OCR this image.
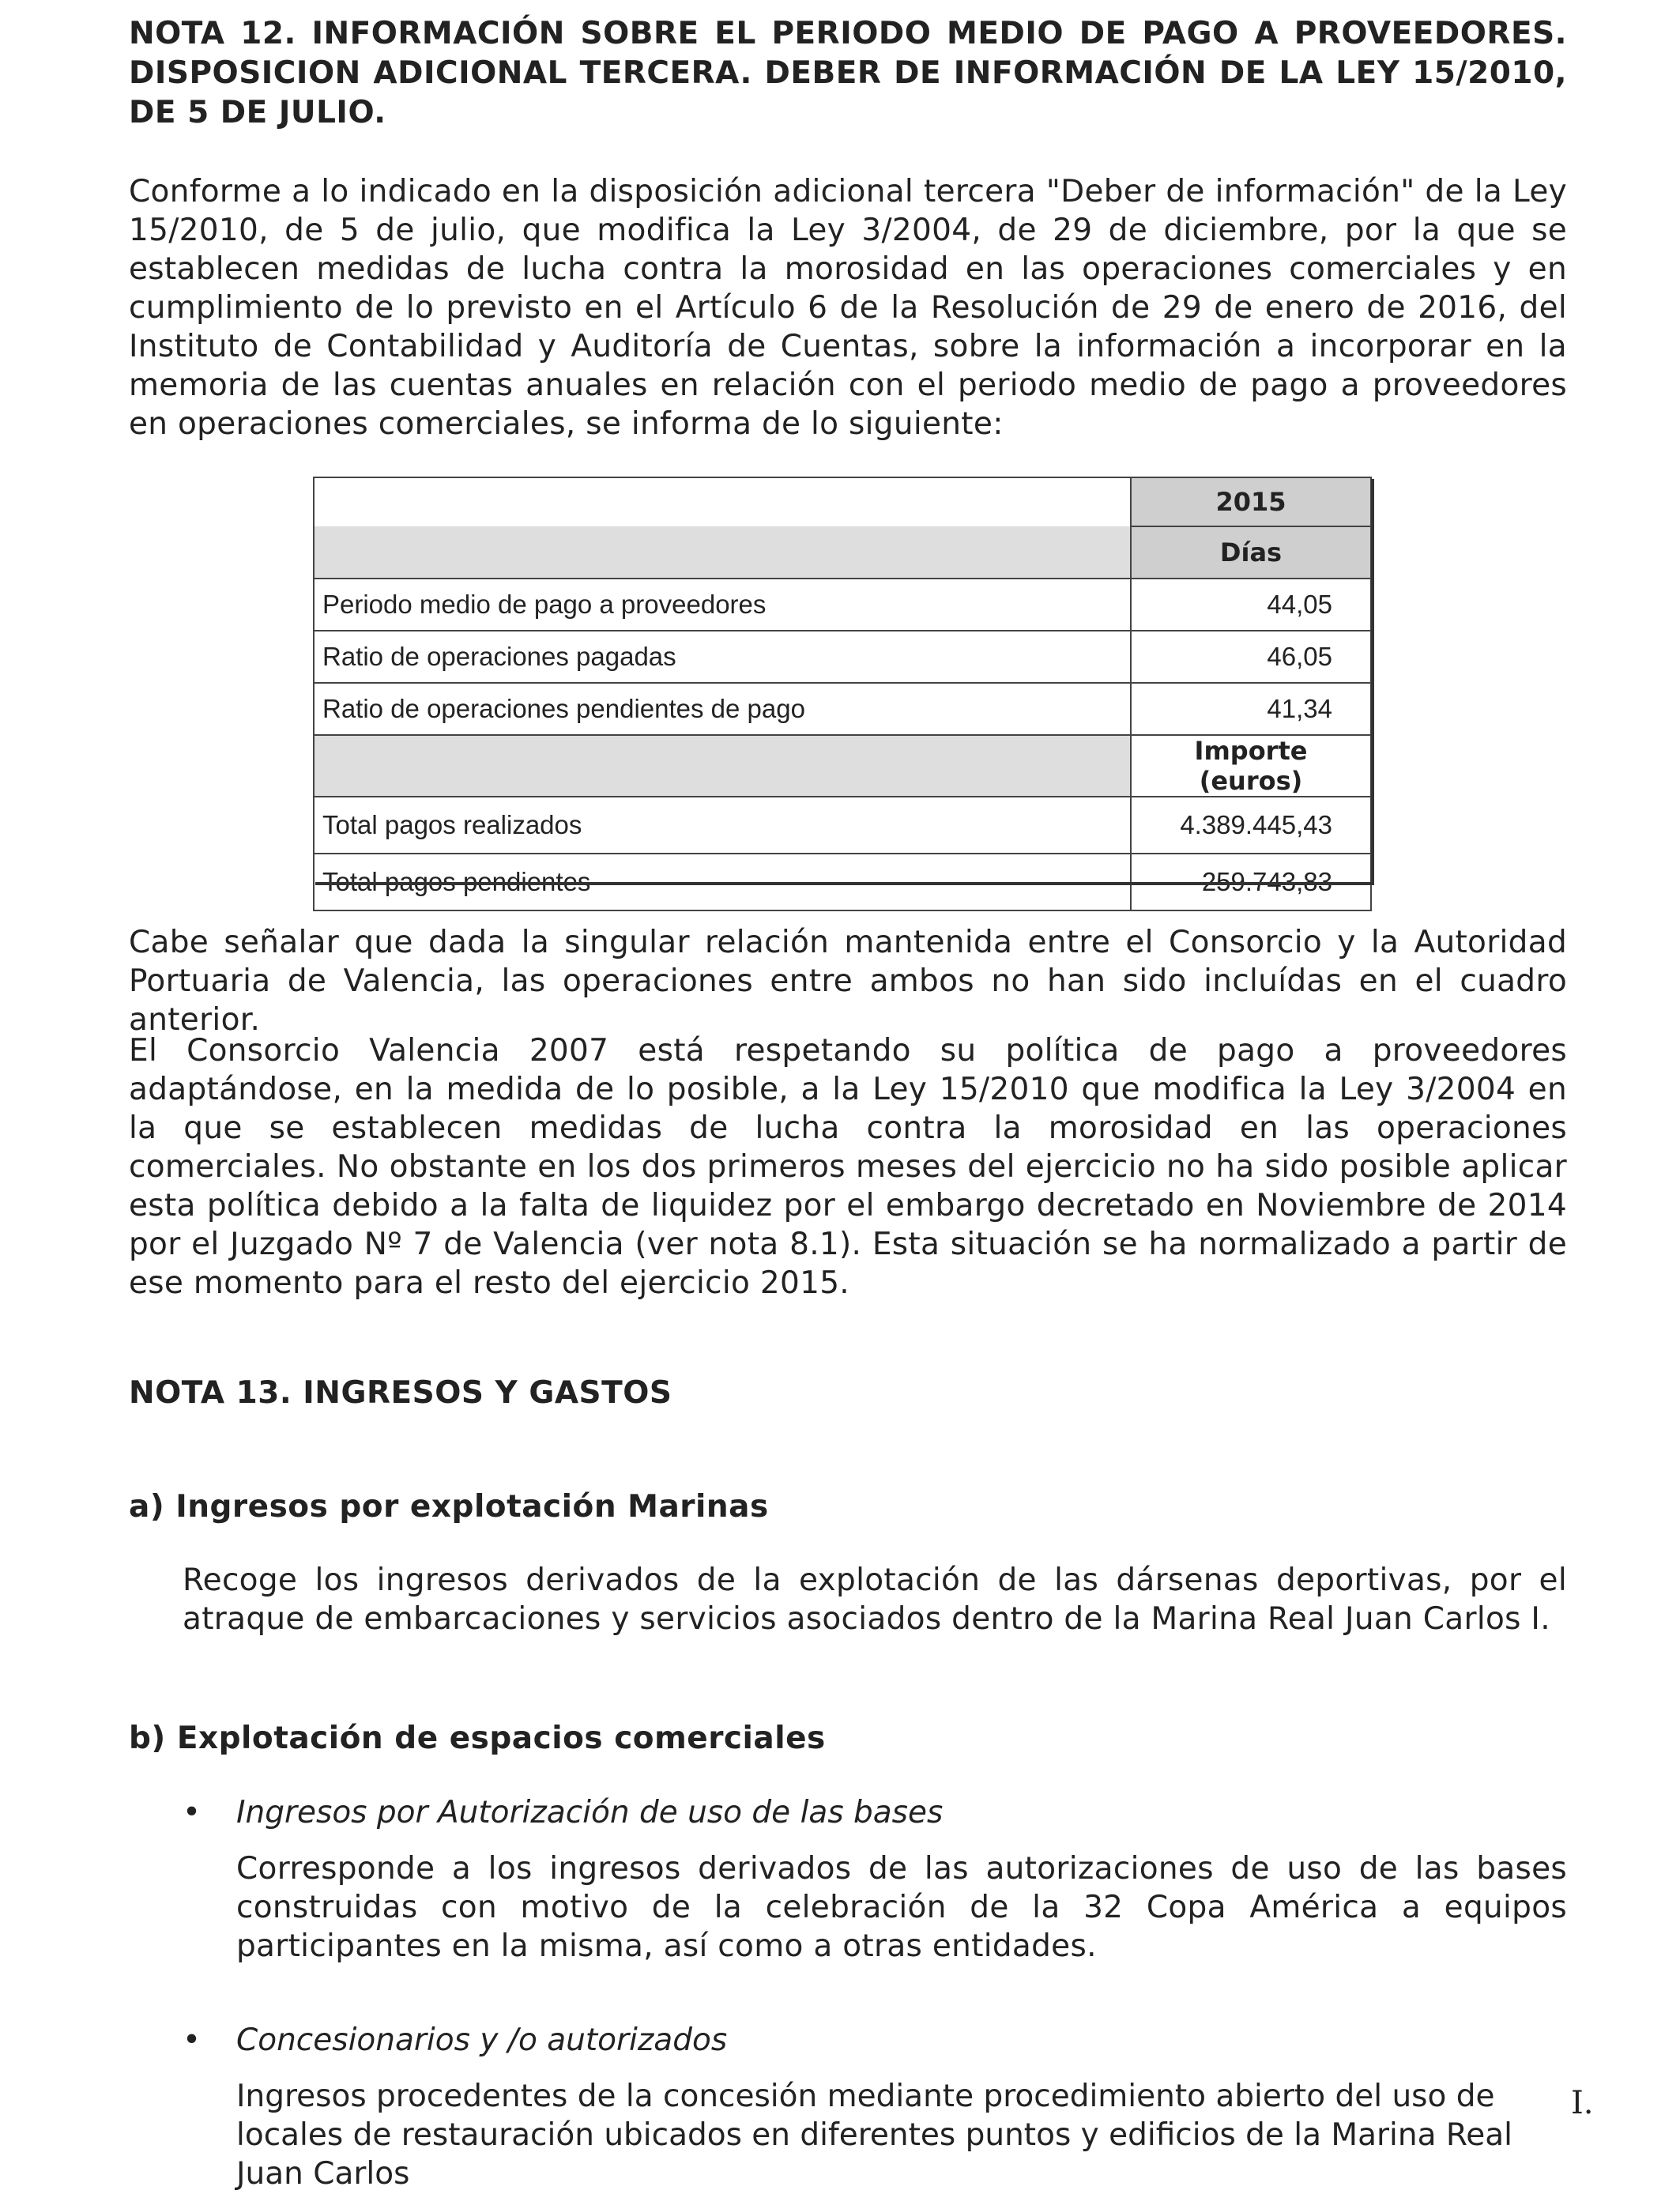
NOTA 12. INFORMACIÓN SOBRE EL PERIODO MEDIO DE PAGO A PROVEEDORES. DISPOSICION ADICIONAL TERCERA. DEBER DE INFORMACIÓN DE LA LEY 15/2010, DE 5 DE JULIO.

Conforme a lo indicado en la disposición adicional tercera "Deber de información" de la Ley 15/2010, de 5 de julio, que modifica la Ley 3/2004, de 29 de diciembre, por la que se establecen medidas de lucha contra la morosidad en las operaciones comerciales y en cumplimiento de lo previsto en el Artículo 6 de la Resolución de 29 de enero de 2016, del Instituto de Contabilidad y Auditoría de Cuentas, sobre la información a incorporar en la memoria de las cuentas anuales en relación con el periodo medio de pago a proveedores en operaciones comerciales, se informa de lo siguiente:

	2015
	Días
Periodo medio de pago a proveedores	44,05
Ratio de operaciones pagadas	46,05
Ratio de operaciones pendientes de pago	41,34
	Importe (euros)
Total pagos realizados	4.389.445,43
Total pagos pendientes	259.743,83

Cabe señalar que dada la singular relación mantenida entre el Consorcio y la Autoridad Portuaria de Valencia, las operaciones entre ambos no han sido incluídas en el cuadro anterior.

El Consorcio Valencia 2007 está respetando su política de pago a proveedores adaptándose, en la medida de lo posible, a la Ley 15/2010 que modifica la Ley 3/2004 en la que se establecen medidas de lucha contra la morosidad en las operaciones comerciales. No obstante en los dos primeros meses del ejercicio no ha sido posible aplicar esta política debido a la falta de liquidez por el embargo decretado en Noviembre de 2014 por el Juzgado Nº 7 de Valencia (ver nota 8.1). Esta situación se ha normalizado a partir de ese momento para el resto del ejercicio 2015.

NOTA 13. INGRESOS Y GASTOS
a) Ingresos por explotación Marinas

Recoge los ingresos derivados de la explotación de las dársenas deportivas, por el atraque de embarcaciones y servicios asociados dentro de la Marina Real Juan Carlos I.

b) Explotación de espacios comerciales
• Ingresos por Autorización de uso de las bases

Corresponde a los ingresos derivados de las autorizaciones de uso de las bases construidas con motivo de la celebración de la 32 Copa América a equipos participantes en la misma, así como a otras entidades.

• Concesionarios y /o autorizados

Ingresos procedentes de la concesión mediante procedimiento abierto del uso de locales de restauración ubicados en diferentes puntos y edificios de la Marina Real Juan Carlos

I.
